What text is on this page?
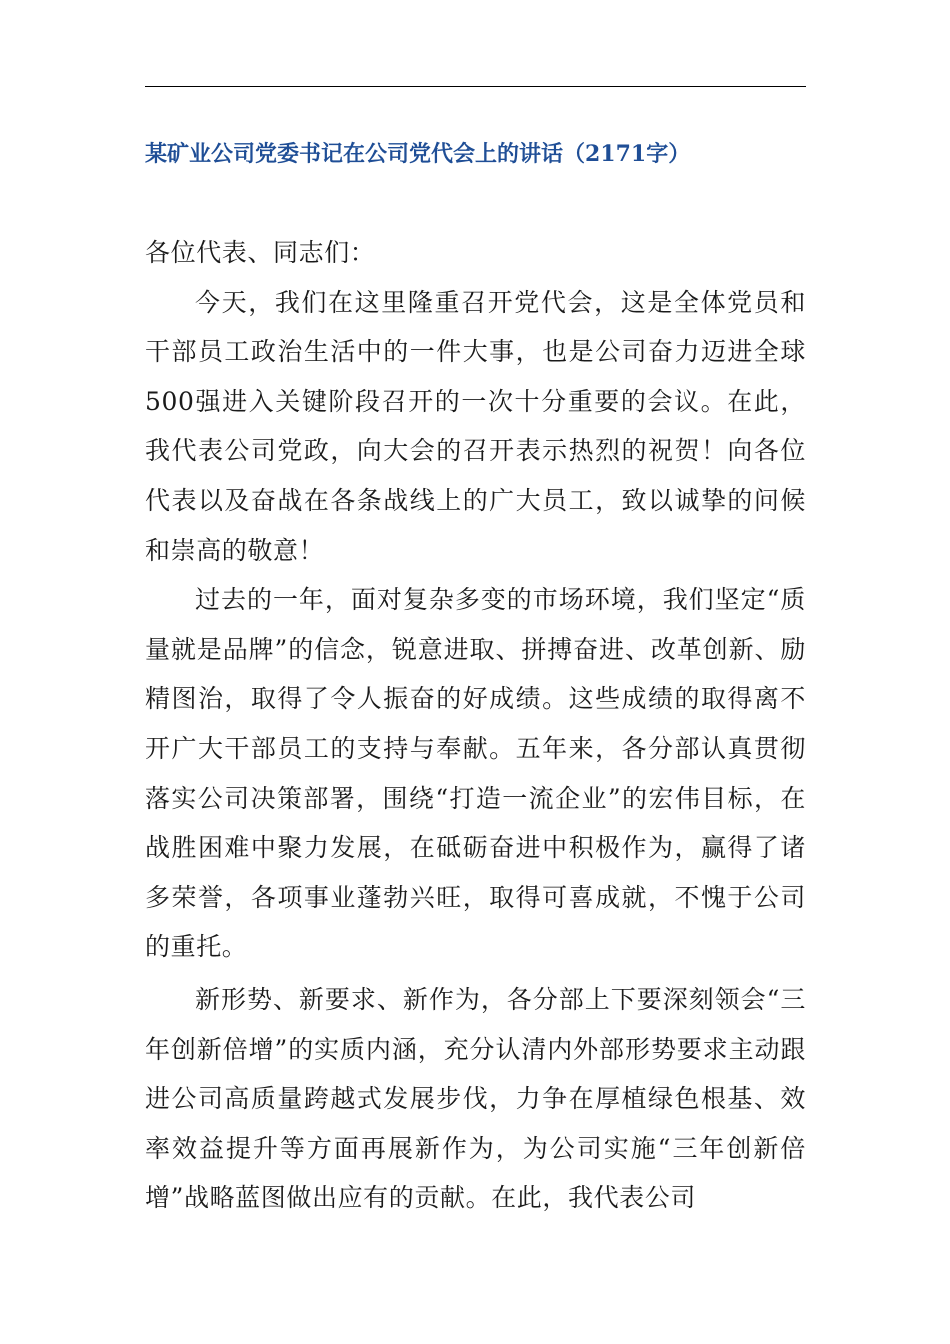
某矿业公司党委书记在公司党代会上的讲话（2171字）

各位代表、同志们：

今天，我们在这里隆重召开党代会，这是全体党员和干部员工政治生活中的一件大事，也是公司奋力迈进全球500强进入关键阶段召开的一次十分重要的会议。在此，我代表公司党政，向大会的召开表示热烈的祝贺！向各位代表以及奋战在各条战线上的广大员工，致以诚挚的问候和崇高的敬意！

过去的一年，面对复杂多变的市场环境，我们坚定“质量就是品牌”的信念，锐意进取、拼搏奋进、改革创新、励精图治，取得了令人振奋的好成绩。这些成绩的取得离不开广大干部员工的支持与奉献。五年来，各分部认真贯彻落实公司决策部署，围绕“打造一流企业”的宏伟目标，在战胜困难中聚力发展，在砥砺奋进中积极作为，赢得了诸多荣誉，各项事业蓬勃兴旺，取得可喜成就，不愧于公司的重托。

新形势、新要求、新作为，各分部上下要深刻领会“三年创新倍增”的实质内涵，充分认清内外部形势要求主动跟进公司高质量跨越式发展步伐，力争在厚植绿色根基、效率效益提升等方面再展新作为，为公司实施“三年创新倍增”战略蓝图做出应有的贡献。在此，我代表公司
